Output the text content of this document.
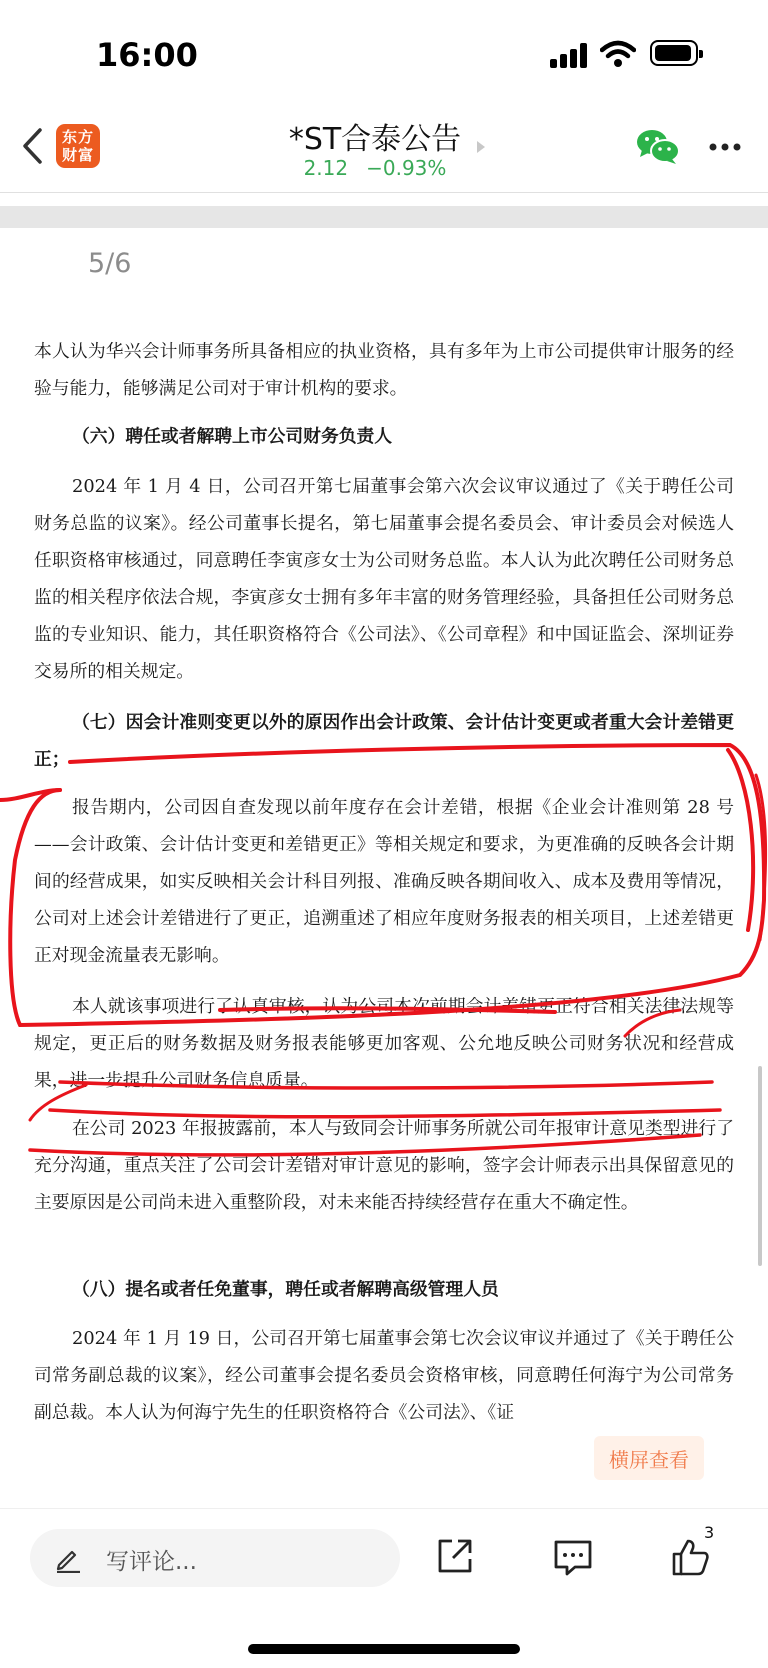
16:00
东方
财富	*ST合泰公告
2.12 −0.93%
5/6

本人认为华兴会计师事务所具备相应的执业资格，具有多年为上市公司提供审计服务的经验与能力，能够满足公司对于审计机构的要求。

（六）聘任或者解聘上市公司财务负责人

2024 年 1 月 4 日，公司召开第七届董事会第六次会议审议通过了《关于聘任公司财务总监的议案》。经公司董事长提名，第七届董事会提名委员会、审计委员会对候选人任职资格审核通过，同意聘任李寅彦女士为公司财务总监。本人认为此次聘任公司财务总监的相关程序依法合规，李寅彦女士拥有多年丰富的财务管理经验，具备担任公司财务总监的专业知识、能力，其任职资格符合《公司法》、《公司章程》和中国证监会、深圳证券交易所的相关规定。

（七）因会计准则变更以外的原因作出会计政策、会计估计变更或者重大会计差错更正；

报告期内，公司因自查发现以前年度存在会计差错，根据《企业会计准则第 28 号——会计政策、会计估计变更和差错更正》等相关规定和要求，为更准确的反映各会计期间的经营成果，如实反映相关会计科目列报、准确反映各期间收入、成本及费用等情况，公司对上述会计差错进行了更正，追溯重述了相应年度财务报表的相关项目，上述差错更正对现金流量表无影响。

本人就该事项进行了认真审核，认为公司本次前期会计差错更正符合相关法律法规等规定，更正后的财务数据及财务报表能够更加客观、公允地反映公司财务状况和经营成果，进一步提升公司财务信息质量。

在公司 2023 年报披露前，本人与致同会计师事务所就公司年报审计意见类型进行了充分沟通，重点关注了公司会计差错对审计意见的影响，签字会计师表示出具保留意见的主要原因是公司尚未进入重整阶段，对未来能否持续经营存在重大不确定性。

（八）提名或者任免董事，聘任或者解聘高级管理人员

2024 年 1 月 19 日，公司召开第七届董事会第七次会议审议并通过了《关于聘任公司常务副总裁的议案》，经公司董事会提名委员会资格审核，同意聘任何海宁为公司常务副总裁。本人认为何海宁先生的任职资格符合《公司法》、《证

横屏查看
写评论...
3
